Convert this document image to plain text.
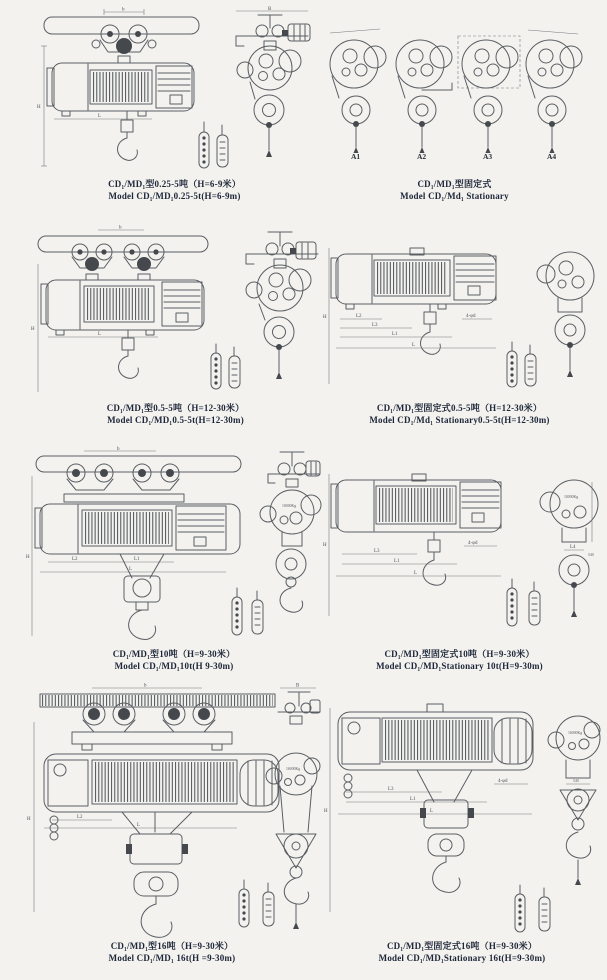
b
H
L
B
CD₁/MD₁型0.25-5吨（H=6-9米）
Model CD₁/MD₁0.25-5t(H=6-9m)
A1	A2	A3	A4
CD₁/MD₁型固定式
Model CD₁/Md₁ Stationary
b
H
L
CD₁/MD₁型0.5-5吨（H=12-30米）
Model CD₁/MD₁0.5-5t(H=12-30m)
L2
L3
L1
L
4-φd
H
CD₁/MD₁型固定式0.5-5吨（H=12-30米）
Model CD₁/Md₁ Stationary0.5-5t(H=12-30m)
b
L2	L1
L
H
10000Kg
CD₁/MD₁型10吨（H=9-30米）
Model CD₁/MD₁10t(H 9-30m)
L3
L1
L
4-φd
H
10000Kg
L4
540
CD₁/MD₁型固定式10吨（H=9-30米）
Model CD₁/MD₁Stationary 10t(H=9-30m)
b
L2
L
H
B
16000Kg
CD₁/MD₁型16吨（H=9-30米）
Model CD₁/MD₁ 16t(H =9-30m)
L3
L1
L
4-φd
H
16000Kg
540
CD₁/MD₁型固定式16吨（H=9-30米）
Model CD₁/MD₁Stationary 16t(H=9-30m)
